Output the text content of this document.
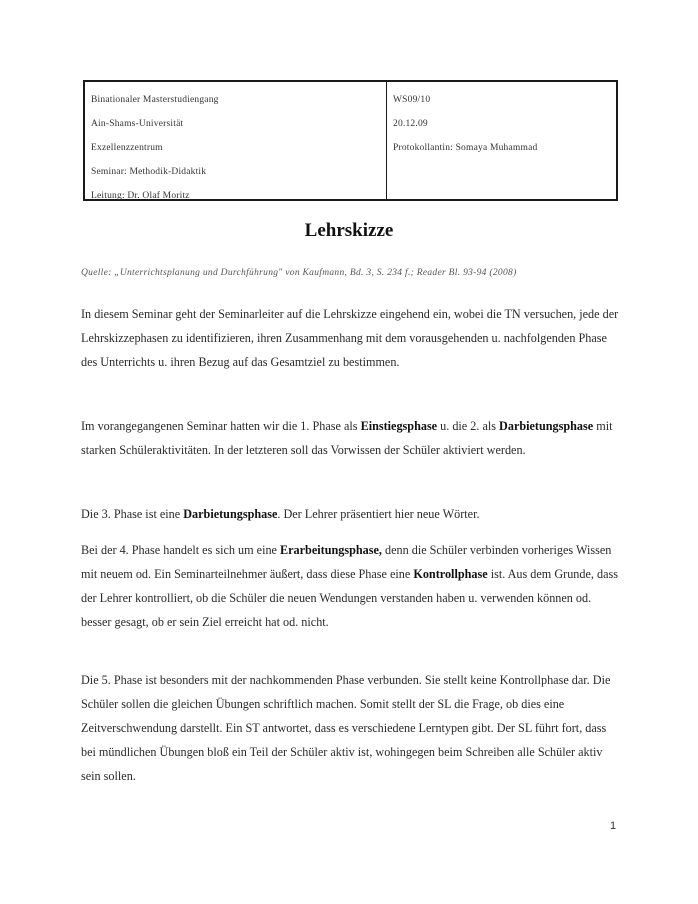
Binationaler Masterstudiengang
Ain-Shams-Universität
Exzellenzzentrum
Seminar: Methodik-Didaktik
Leitung: Dr. Olaf Moritz
WS09/10
20.12.09
Protokollantin: Somaya Muhammad
Lehrskizze
Quelle: „Unterrichtsplanung und Durchführung" von Kaufmann, Bd. 3, S. 234 f.; Reader Bl. 93-94 (2008)

In diesem Seminar geht der Seminarleiter auf die Lehrskizze eingehend ein, wobei die TN versuchen, jede der Lehrskizzephasen zu identifizieren, ihren Zusammenhang mit dem vorausgehenden u. nachfolgenden Phase des Unterrichts u. ihren Bezug auf das Gesamtziel zu bestimmen.

Im vorangegangenen Seminar hatten wir die 1. Phase als Einstiegsphase u. die 2. als Darbietungsphase mit starken Schüleraktivitäten. In der letzteren soll das Vorwissen der Schüler aktiviert werden.

Die 3. Phase ist eine Darbietungsphase. Der Lehrer präsentiert hier neue Wörter.

Bei der 4. Phase handelt es sich um eine Erarbeitungsphase, denn die Schüler verbinden vorheriges Wissen mit neuem od. Ein Seminarteilnehmer äußert, dass diese Phase eine Kontrollphase ist. Aus dem Grunde, dass der Lehrer kontrolliert, ob die Schüler die neuen Wendungen verstanden haben u. verwenden können od. besser gesagt, ob er sein Ziel erreicht hat od. nicht.

Die 5. Phase ist besonders mit der nachkommenden Phase verbunden. Sie stellt keine Kontrollphase dar. Die Schüler sollen die gleichen Übungen schriftlich machen. Somit stellt der SL die Frage, ob dies eine Zeitverschwendung darstellt. Ein ST antwortet, dass es verschiedene Lerntypen gibt. Der SL führt fort, dass bei mündlichen Übungen bloß ein Teil der Schüler aktiv ist, wohingegen beim Schreiben alle Schüler aktiv sein sollen.

1
